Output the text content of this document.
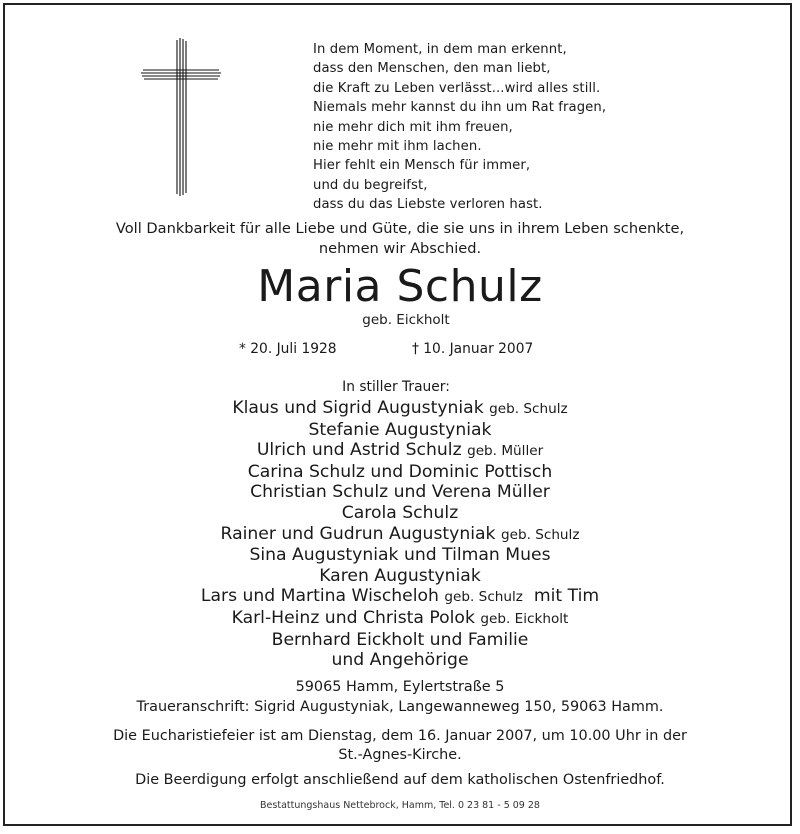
In dem Moment, in dem man erkennt,
dass den Menschen, den man liebt,
die Kraft zu Leben verlässt...wird alles still.
Niemals mehr kannst du ihn um Rat fragen,
nie mehr dich mit ihm freuen,
nie mehr mit ihm lachen.
Hier fehlt ein Mensch für immer,
und du begreifst,
dass du das Liebste verloren hast.
Voll Dankbarkeit für alle Liebe und Güte, die sie uns in ihrem Leben schenkte,
nehmen wir Abschied.
Maria Schulz
geb. Eickholt
* 20. Juli 1928	† 10. Januar 2007
In stiller Trauer:
Klaus und Sigrid Augustyniak geb. Schulz
Stefanie Augustyniak
Ulrich und Astrid Schulz geb. Müller
Carina Schulz und Dominic Pottisch
Christian Schulz und Verena Müller
Carola Schulz
Rainer und Gudrun Augustyniak geb. Schulz
Sina Augustyniak und Tilman Mues
Karen Augustyniak
Lars und Martina Wischeloh geb. Schulz mit Tim
Karl-Heinz und Christa Polok geb. Eickholt
Bernhard Eickholt und Familie
und Angehörige
59065 Hamm, Eylertstraße 5
Traueranschrift: Sigrid Augustyniak, Langewanneweg 150, 59063 Hamm.
Die Eucharistiefeier ist am Dienstag, dem 16. Januar 2007, um 10.00 Uhr in der
St.-Agnes-Kirche.
Die Beerdigung erfolgt anschließend auf dem katholischen Ostenfriedhof.
Bestattungshaus Nettebrock, Hamm, Tel. 0 23 81 - 5 09 28
